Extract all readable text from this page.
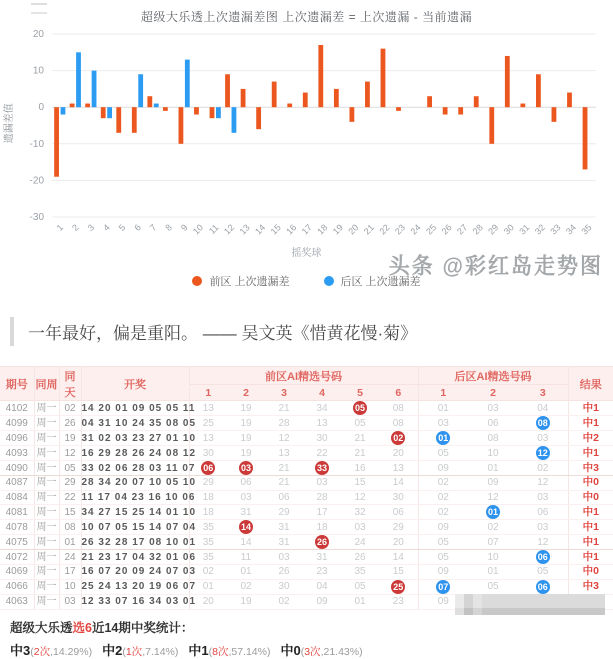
超级大乐透上次遗漏差图 上次遗漏差 = 上次遗漏 - 当前遗漏
20
10
0
-10
-20
-30
遗漏差值
1 2 3 4 5 6 7 8 9 10 11 12 13 14 15 16 17 18 19 20 21 22 23 24 25 26 27 28 29 30 31 32 33 34 35
摇奖球
前区 上次遗漏差	后区 上次遗漏差
头条 @彩红岛走势图
一年最好，偏是重阳。 —— 吴文英《惜黄花慢·菊》
期号	同周	同天	开奖	前区AI精选号码						后区AI精选号码			结果
				1	2	3	4	5	6	1	2	3	
4102	周一	02	14 20 01 09 05 05 11	13	19	21	34	05	08	01	03	04	中1
4099	周一	26	04 31 10 24 35 08 05	25	19	28	13	05	08	03	06	08	中1
4096	周一	19	31 02 03 23 27 01 10	13	19	12	30	21	02	01	08	03	中2
4093	周一	12	16 29 28 26 24 08 12	30	19	13	22	21	20	05	10	12	中1
4090	周一	05	33 02 06 28 03 11 07	06	03	21	33	16	13	09	01	02	中3
4087	周一	29	28 34 20 07 10 05 10	29	06	21	03	15	14	02	09	12	中0
4084	周一	22	11 17 04 23 16 10 06	18	03	06	28	12	30	02	12	03	中0
4081	周一	15	34 27 15 25 14 01 10	18	31	29	17	32	06	02	01	06	中1
4078	周一	08	10 07 05 15 14 07 04	35	14	31	18	03	29	09	02	03	中1
4075	周一	01	26 32 28 17 08 10 01	35	14	31	26	24	20	05	07	12	中1
4072	周一	24	21 23 17 04 32 01 06	35	11	03	31	26	14	05	10	06	中1
4069	周一	17	16 07 20 09 24 07 03	02	01	26	23	35	15	09	01	05	中0
4066	周一	10	25 24 13 20 19 06 07	01	02	30	04	05	25	07	05	06	中3
4063	周一	03	12 33 07 16 34 03 01	20	19	02	09	01	23	09			
超级大乐透选6近14期中奖统计：
中3(2次,14.29%) 中2(1次,7.14%) 中1(8次,57.14%) 中0(3次,21.43%)
